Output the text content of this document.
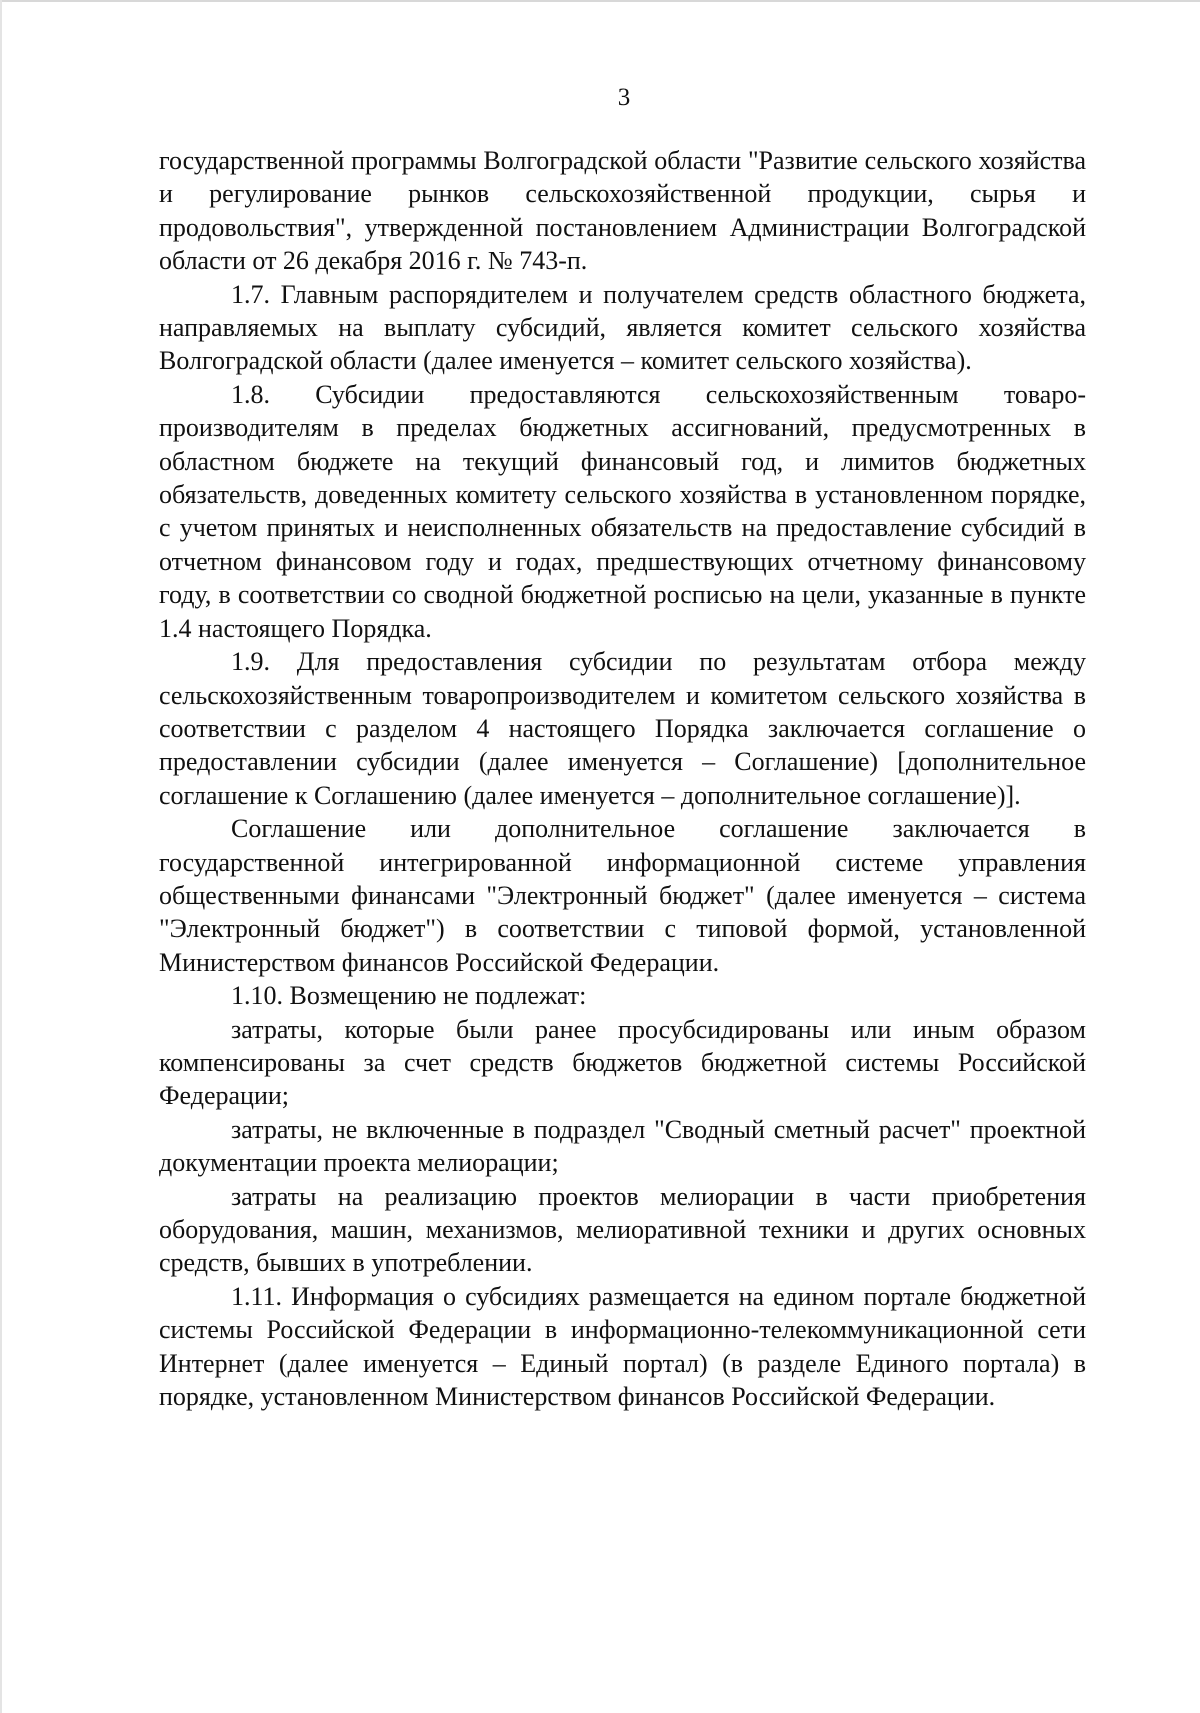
3

государственной программы Волгоградской области "Развитие сельского хозяйства и регулирование рынков сельскохозяйственной продукции, сырья и продовольствия", утвержденной постановлением Администрации Волгоградской области от 26 декабря 2016 г. № 743-п.

1.7. Главным распорядителем и получателем средств областного бюджета, направляемых на выплату субсидий, является комитет сельского хозяйства Волгоградской области (далее именуется – комитет сельского хозяйства).

1.8. Субсидии предоставляются сельскохозяйственным товаро-производителям в пределах бюджетных ассигнований, предусмотренных в областном бюджете на текущий финансовый год, и лимитов бюджетных обязательств, доведенных комитету сельского хозяйства в установленном порядке, с учетом принятых и неисполненных обязательств на предоставление субсидий в отчетном финансовом году и годах, предшествующих отчетному финансовому году, в соответствии со сводной бюджетной росписью на цели, указанные в пункте 1.4 настоящего Порядка.

1.9. Для предоставления субсидии по результатам отбора между сельскохозяйственным товаропроизводителем и комитетом сельского хозяйства в соответствии с разделом 4 настоящего Порядка заключается соглашение о предоставлении субсидии (далее именуется – Соглашение) [дополнительное соглашение к Соглашению (далее именуется – дополнительное соглашение)].

Соглашение или дополнительное соглашение заключается в государственной интегрированной информационной системе управления общественными финансами "Электронный бюджет" (далее именуется – система "Электронный бюджет") в соответствии с типовой формой, установленной Министерством финансов Российской Федерации.

1.10. Возмещению не подлежат:

затраты, которые были ранее просубсидированы или иным образом компенсированы за счет средств бюджетов бюджетной системы Российской Федерации;

затраты, не включенные в подраздел "Сводный сметный расчет" проектной документации проекта мелиорации;

затраты на реализацию проектов мелиорации в части приобретения оборудования, машин, механизмов, мелиоративной техники и других основных средств, бывших в употреблении.

1.11. Информация о субсидиях размещается на едином портале бюджетной системы Российской Федерации в информационно-телекоммуникационной сети Интернет (далее именуется – Единый портал) (в разделе Единого портала) в порядке, установленном Министерством финансов Российской Федерации.
